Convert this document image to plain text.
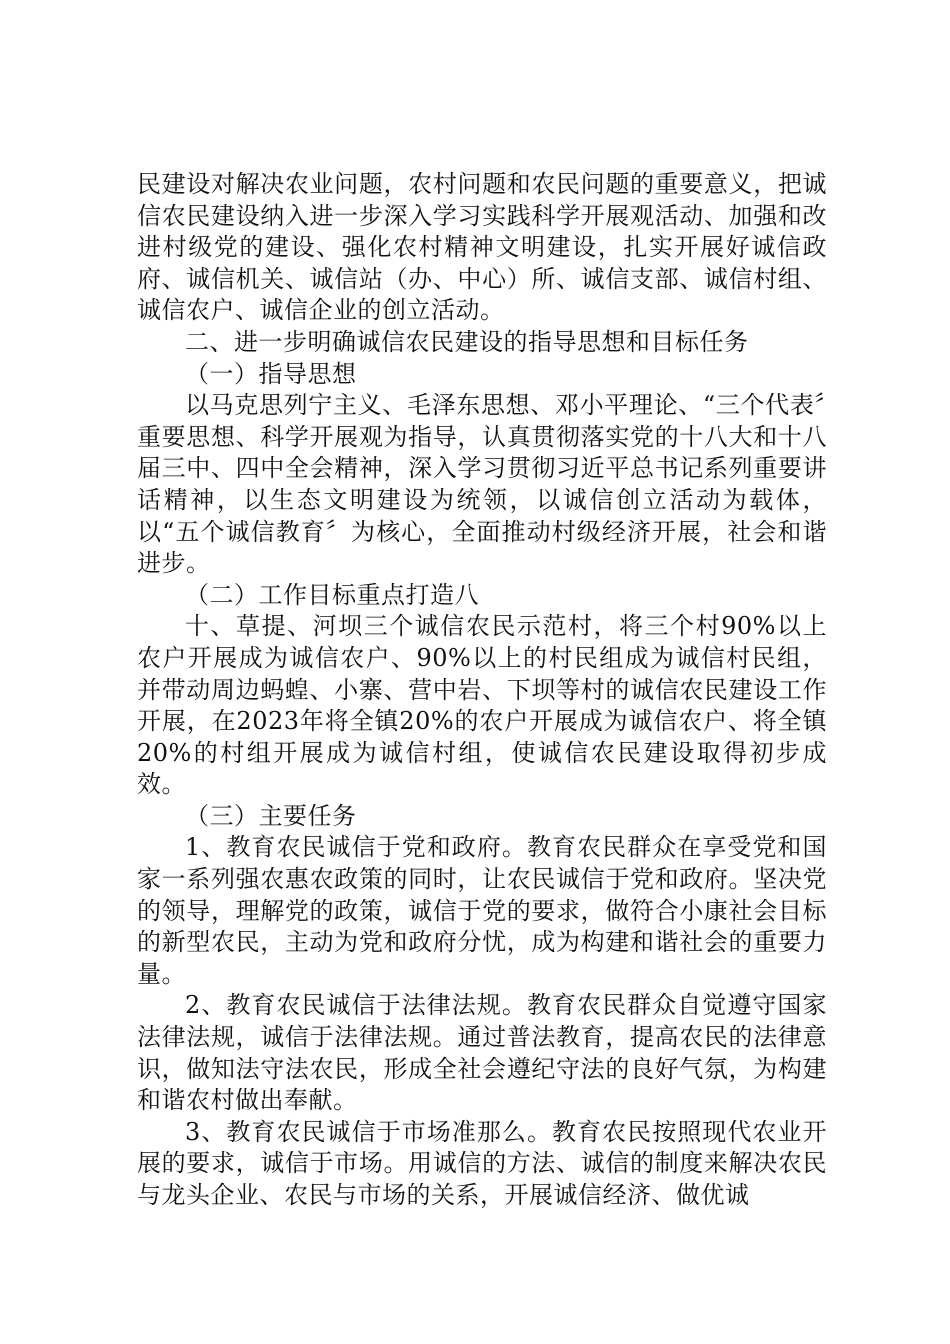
民建设对解决农业问题，农村问题和农民问题的重要意义，把诚信农民建设纳入进一步深入学习实践科学开展观活动、加强和改进村级党的建设、强化农村精神文明建设，扎实开展好诚信政府、诚信机关、诚信站（办、中心）所、诚信支部、诚信村组、诚信农户、诚信企业的创立活动。

二、进一步明确诚信农民建设的指导思想和目标任务

（一）指导思想

以马克思列宁主义、毛泽东思想、邓小平理论、“三个代表〞重要思想、科学开展观为指导，认真贯彻落实党的十八大和十八届三中、四中全会精神，深入学习贯彻习近平总书记系列重要讲话精神，以生态文明建设为统领，以诚信创立活动为载体，以“五个诚信教育〞为核心，全面推动村级经济开展，社会和谐进步。

（二）工作目标重点打造八

十、草提、河坝三个诚信农民示范村，将三个村90%以上农户开展成为诚信农户、90%以上的村民组成为诚信村民组，并带动周边蚂蝗、小寨、营中岩、下坝等村的诚信农民建设工作开展，在2023年将全镇20%的农户开展成为诚信农户、将全镇20%的村组开展成为诚信村组，使诚信农民建设取得初步成效。

（三）主要任务

1、教育农民诚信于党和政府。教育农民群众在享受党和国家一系列强农惠农政策的同时，让农民诚信于党和政府。坚决党的领导，理解党的政策，诚信于党的要求，做符合小康社会目标的新型农民，主动为党和政府分忧，成为构建和谐社会的重要力量。

2、教育农民诚信于法律法规。教育农民群众自觉遵守国家法律法规，诚信于法律法规。通过普法教育，提高农民的法律意识，做知法守法农民，形成全社会遵纪守法的良好气氛，为构建和谐农村做出奉献。

3、教育农民诚信于市场准那么。教育农民按照现代农业开展的要求，诚信于市场。用诚信的方法、诚信的制度来解决农民与龙头企业、农民与市场的关系，开展诚信经济、做优诚
